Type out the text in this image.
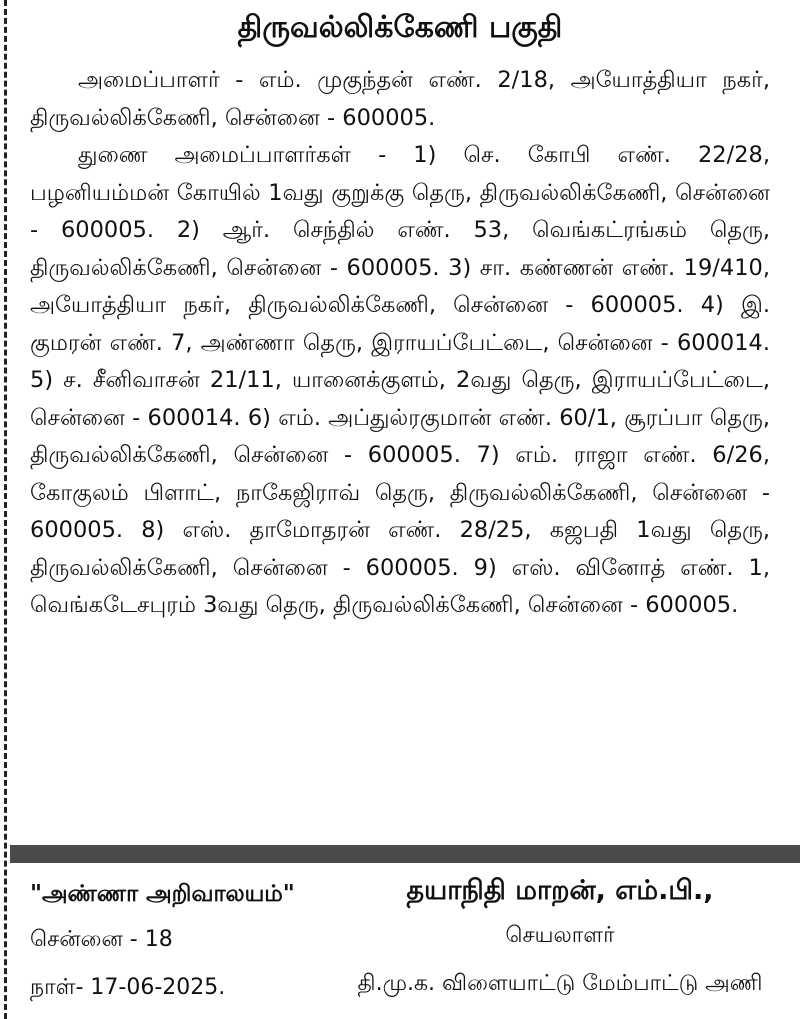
திருவல்லிக்கேணி பகுதி

அமைப்பாளர் - எம். முகுந்தன் எண். 2/18, அயோத்தியா நகர், திருவல்லிக்கேணி, சென்னை - 600005.

துணை அமைப்பாளர்கள் - 1) செ. கோபி எண். 22/28, பழனியம்மன் கோயில் 1வது குறுக்கு தெரு, திருவல்லிக்கேணி, சென்னை - 600005. 2) ஆர். செந்தில் எண். 53, வெங்கட்ரங்கம் தெரு, திருவல்லிக்கேணி, சென்னை - 600005. 3) சா. கண்ணன் எண். 19/410, அயோத்தியா நகர், திருவல்லிக்கேணி, சென்னை - 600005. 4) இ. குமரன் எண். 7, அண்ணா தெரு, இராயப்பேட்டை, சென்னை - 600014. 5) ச. சீனிவாசன் 21/11, யானைக்குளம், 2வது தெரு, இராயப்பேட்டை, சென்னை - 600014. 6) எம். அப்துல்ரகுமான் எண். 60/1, சூரப்பா தெரு, திருவல்லிக்கேணி, சென்னை - 600005. 7) எம். ராஜா எண். 6/26, கோகுலம் பிளாட், நாகேஜிராவ் தெரு, திருவல்லிக்கேணி, சென்னை - 600005. 8) எஸ். தாமோதரன் எண். 28/25, கஜபதி 1வது தெரு, திருவல்லிக்கேணி, சென்னை - 600005. 9) எஸ். வினோத் எண். 1, வெங்கடேசபுரம் 3வது தெரு, திருவல்லிக்கேணி, சென்னை - 600005.

"அண்ணா அறிவாலயம்"
சென்னை - 18
நாள்- 17-06-2025.
தயாநிதி மாறன், எம்.பி.,
செயலாளர்
தி.மு.க. விளையாட்டு மேம்பாட்டு அணி
